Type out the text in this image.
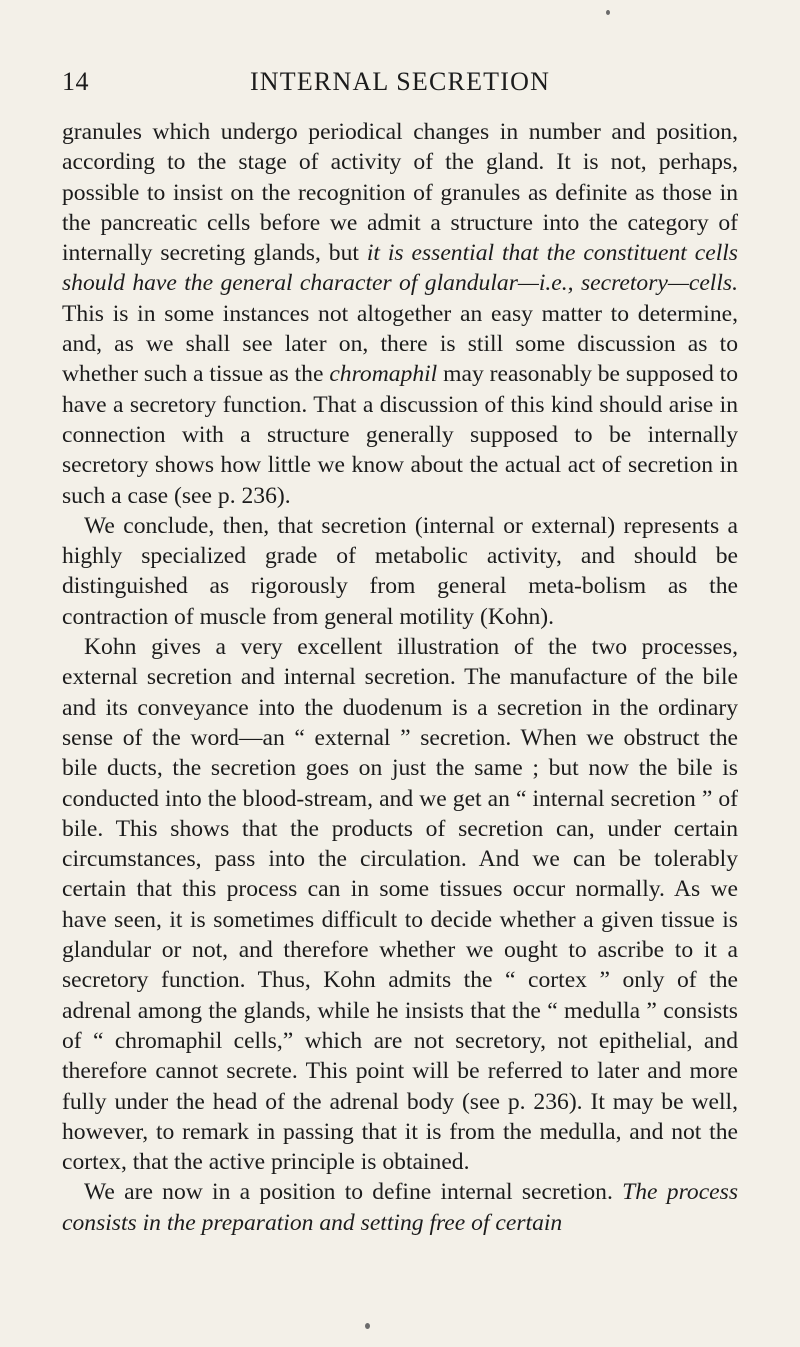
14	INTERNAL SECRETION

granules which undergo periodical changes in number and position, according to the stage of activity of the gland. It is not, perhaps, possible to insist on the recognition of granules as definite as those in the pancreatic cells before we admit a structure into the category of internally secreting glands, but it is essential that the constituent cells should have the general character of glandular—i.e., secretory—cells. This is in some instances not altogether an easy matter to determine, and, as we shall see later on, there is still some discussion as to whether such a tissue as the chromaphil may reasonably be supposed to have a secretory function. That a discussion of this kind should arise in connection with a structure generally supposed to be internally secretory shows how little we know about the actual act of secretion in such a case (see p. 236).

We conclude, then, that secretion (internal or external) represents a highly specialized grade of metabolic activity, and should be distinguished as rigorously from general meta-bolism as the contraction of muscle from general motility (Kohn).

Kohn gives a very excellent illustration of the two processes, external secretion and internal secretion. The manufacture of the bile and its conveyance into the duodenum is a secretion in the ordinary sense of the word—an “ external ” secretion. When we obstruct the bile ducts, the secretion goes on just the same ; but now the bile is conducted into the blood-stream, and we get an “ internal secretion ” of bile. This shows that the products of secretion can, under certain circumstances, pass into the circulation. And we can be tolerably certain that this process can in some tissues occur normally. As we have seen, it is sometimes difficult to decide whether a given tissue is glandular or not, and therefore whether we ought to ascribe to it a secretory function. Thus, Kohn admits the “ cortex ” only of the adrenal among the glands, while he insists that the “ medulla ” consists of “ chromaphil cells,” which are not secretory, not epithelial, and therefore cannot secrete. This point will be referred to later and more fully under the head of the adrenal body (see p. 236). It may be well, however, to remark in passing that it is from the medulla, and not the cortex, that the active principle is obtained.

We are now in a position to define internal secretion. The process consists in the preparation and setting free of certain
